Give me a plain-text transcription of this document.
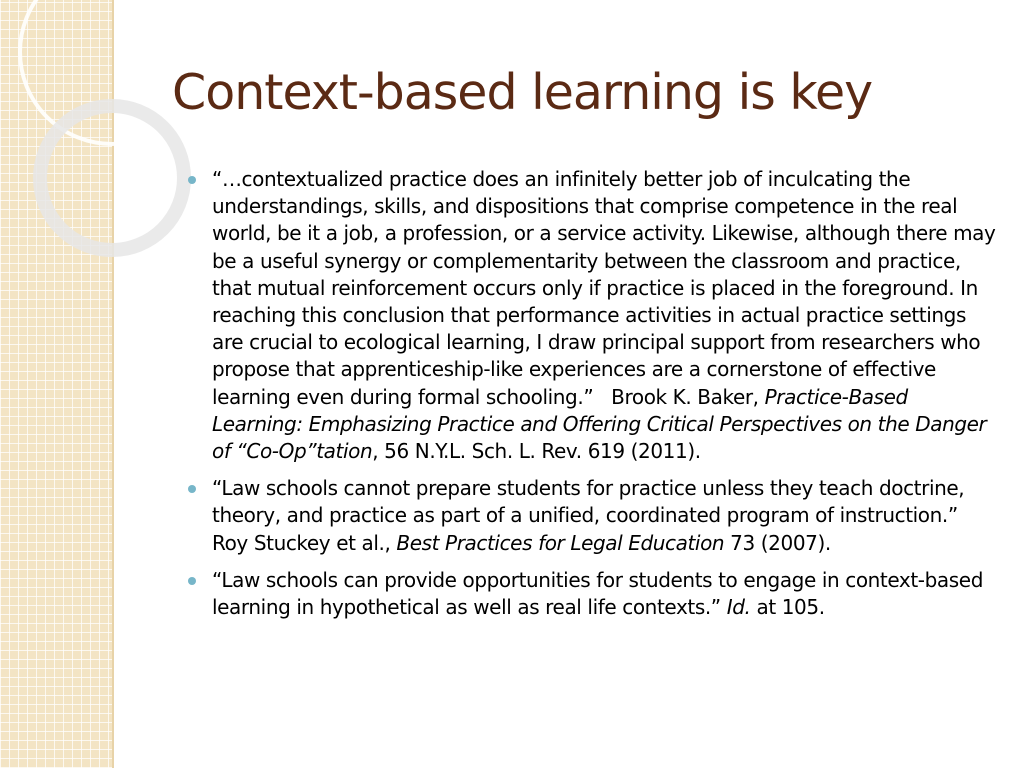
Context-based learning is key
“…contextualized practice does an infinitely better job of inculcating the understandings, skills, and dispositions that comprise competence in the real world, be it a job, a profession, or a service activity. Likewise, although there may be a useful synergy or complementarity between the classroom and practice, that mutual reinforcement occurs only if practice is placed in the foreground. In reaching this conclusion that performance activities in actual practice settings are crucial to ecological learning, I draw principal support from researchers who propose that apprenticeship-like experiences are a cornerstone of effective learning even during formal schooling.” Brook K. Baker, Practice-Based Learning: Emphasizing Practice and Offering Critical Perspectives on the Danger of “Co-Op”tation, 56 N.Y.L. Sch. L. Rev. 619 (2011).
“Law schools cannot prepare students for practice unless they teach doctrine, theory, and practice as part of a unified, coordinated program of instruction.” Roy Stuckey et al., Best Practices for Legal Education 73 (2007).
“Law schools can provide opportunities for students to engage in context-based learning in hypothetical as well as real life contexts.” Id. at 105.
